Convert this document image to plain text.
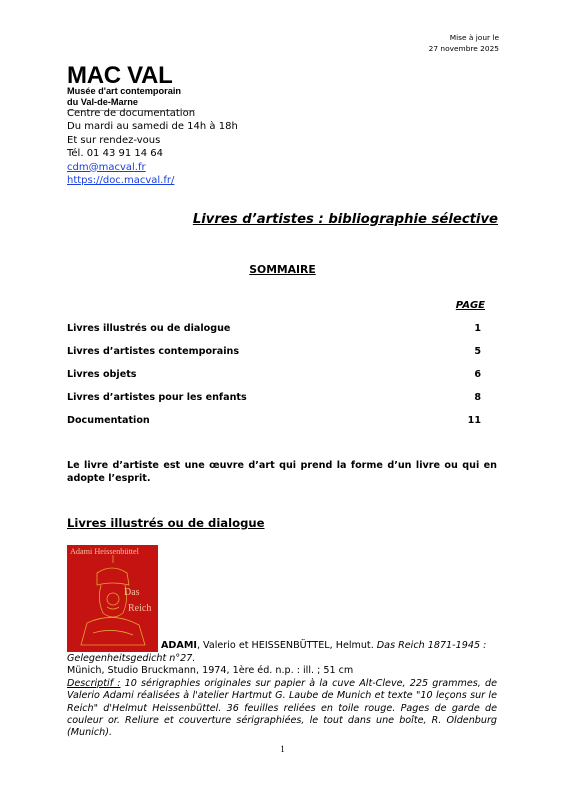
Mise à jour le
27 novembre 2025
MAC VAL
Musée d'art contemporain
du Val-de-Marne
Centre de documentation
Du mardi au samedi de 14h à 18h
Et sur rendez-vous
Tél. 01 43 91 14 64
cdm@macval.fr
https://doc.macval.fr/
Livres d’artistes : bibliographie sélective
SOMMAIRE
PAGE
Livres illustrés ou de dialogue	1
Livres d’artistes contemporains	5
Livres objets	6
Livres d’artistes pour les enfants	8
Documentation	11
Le livre d’artiste est une œuvre d’art qui prend la forme d’un livre ou qui en adopte l’esprit.
Livres illustrés ou de dialogue
Adami Heissenbüttel
Das
Reich
ADAMI, Valerio et HEISSENBÜTTEL, Helmut. Das Reich 1871-1945 :
Gelegenheitsgedicht n°27.
Münich, Studio Bruckmann, 1974, 1ère éd. n.p. : ill. ; 51 cm
Descriptif : 10 sérigraphies originales sur papier à la cuve Alt-Cleve, 225 grammes, de Valerio Adami réalisées à l'atelier Hartmut G. Laube de Munich et texte "10 leçons sur le Reich" d'Helmut Heissenbüttel. 36 feuilles reliées en toile rouge. Pages de garde de couleur or. Reliure et couverture sérigraphiées, le tout dans une boîte, R. Oldenburg (Munich).
1
